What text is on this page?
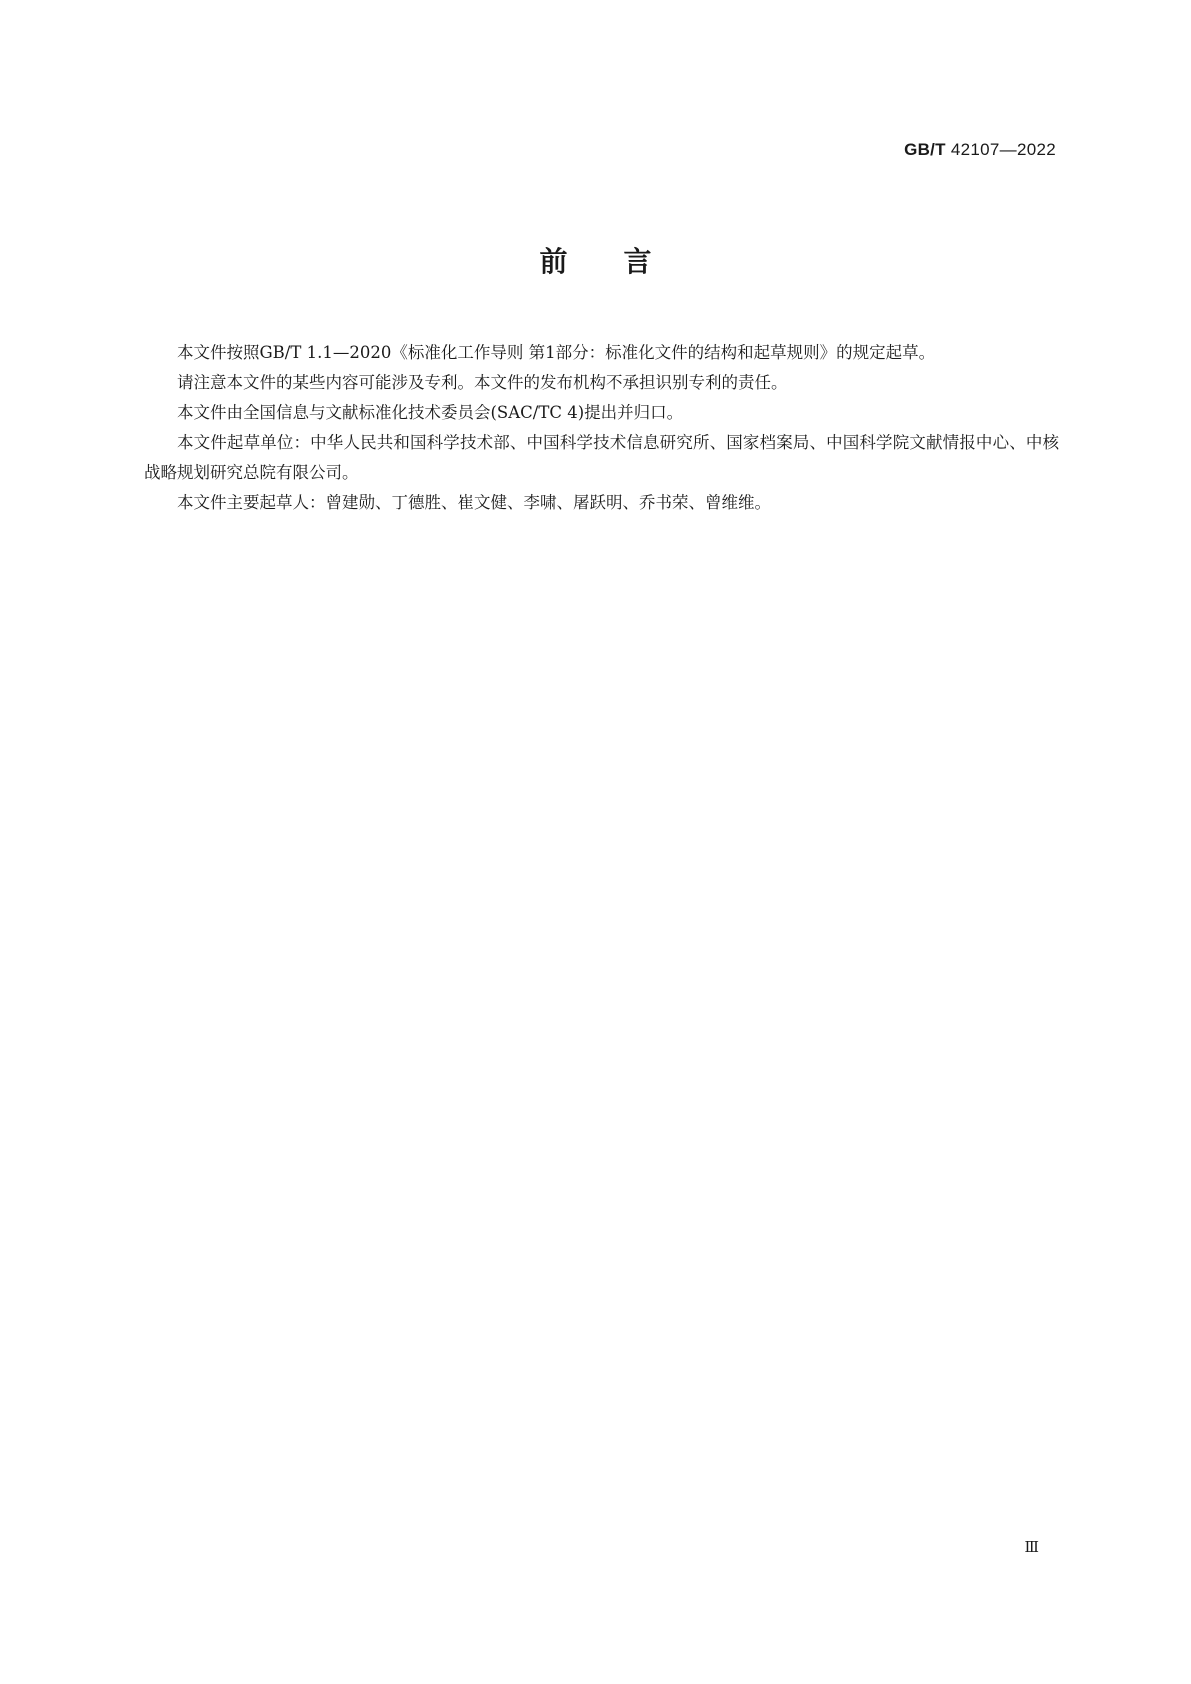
GB/T 42107—2022
前言

本文件按照GB/T 1.1—2020《标准化工作导则 第1部分：标准化文件的结构和起草规则》的规定起草。

请注意本文件的某些内容可能涉及专利。本文件的发布机构不承担识别专利的责任。

本文件由全国信息与文献标准化技术委员会(SAC/TC 4)提出并归口。

本文件起草单位：中华人民共和国科学技术部、中国科学技术信息研究所、国家档案局、中国科学院文献情报中心、中核战略规划研究总院有限公司。

本文件主要起草人：曾建勋、丁德胜、崔文健、李啸、屠跃明、乔书荣、曾维维。

Ⅲ
